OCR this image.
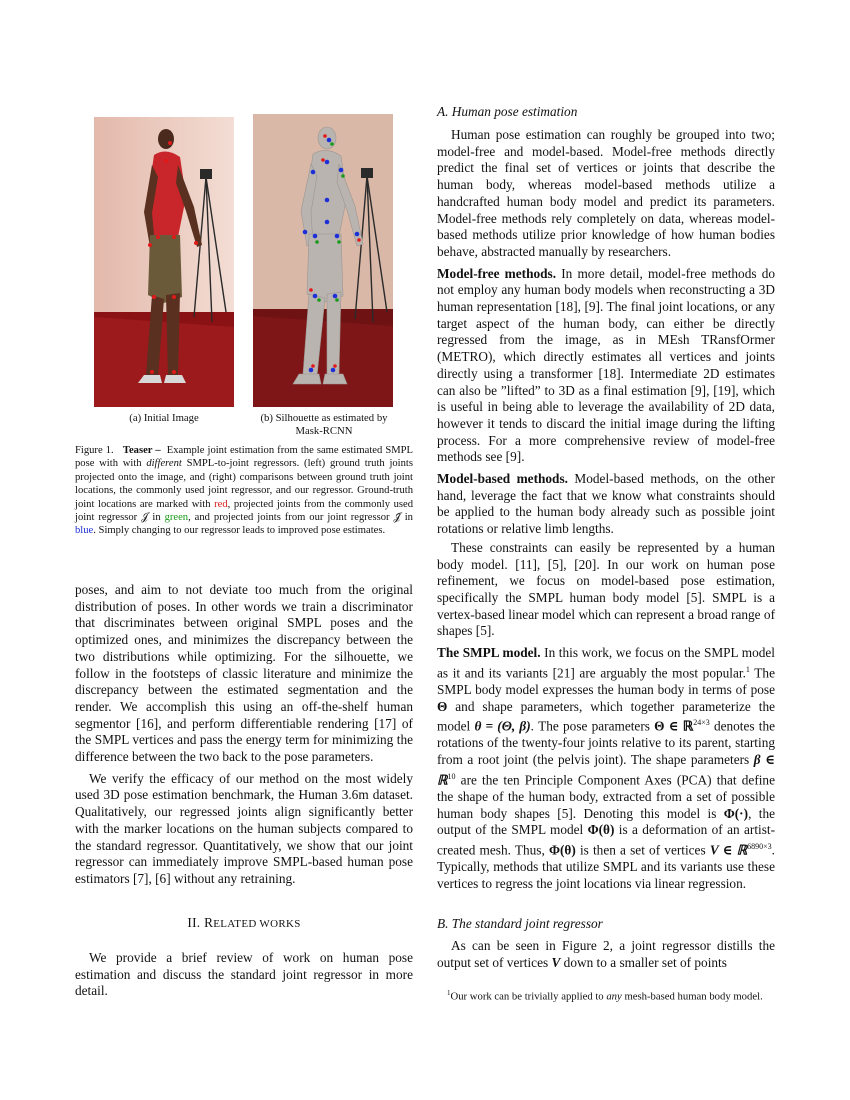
(a) Initial Image	(b) Silhouette as estimated by Mask-RCNN
Figure 1. Teaser – Example joint estimation from the same estimated SMPL pose with with different SMPL-to-joint regressors. (left) ground truth joints projected onto the image, and (right) comparisons between ground truth joint locations, the commonly used joint regressor, and our regressor. Ground-truth joint locations are marked with red, projected joints from the commonly used joint regressor 𝒥 in green, and projected joints from our joint regressor 𝒥̂ in blue. Simply changing to our regressor leads to improved pose estimates.

poses, and aim to not deviate too much from the original distribution of poses. In other words we train a discriminator that discriminates between original SMPL poses and the optimized ones, and minimizes the discrepancy between the two distributions while optimizing. For the silhouette, we follow in the footsteps of classic literature and minimize the discrepancy between the estimated segmentation and the render. We accomplish this using an off-the-shelf human segmentor [16], and perform differentiable rendering [17] of the SMPL vertices and pass the energy term for minimizing the difference between the two back to the pose parameters.

We verify the efficacy of our method on the most widely used 3D pose estimation benchmark, the Human 3.6m dataset. Qualitatively, our regressed joints align significantly better with the marker locations on the human subjects compared to the standard regressor. Quantitatively, we show that our joint regressor can immediately improve SMPL-based human pose estimators [7], [6] without any retraining.

II. RELATED WORKS

We provide a brief review of work on human pose estimation and discuss the standard joint regressor in more detail.

A. Human pose estimation

Human pose estimation can roughly be grouped into two; model-free and model-based. Model-free methods directly predict the final set of vertices or joints that describe the human body, whereas model-based methods utilize a handcrafted human body model and predict its parameters. Model-free methods rely completely on data, whereas model-based methods utilize prior knowledge of how human bodies behave, abstracted manually by researchers.

Model-free methods. In more detail, model-free methods do not employ any human body models when reconstructing a 3D human representation [18], [9]. The final joint locations, or any target aspect of the human body, can either be directly regressed from the image, as in MEsh TRansfOrmer (METRO), which directly estimates all vertices and joints directly using a transformer [18]. Intermediate 2D estimates can also be ”lifted” to 3D as a final estimation [9], [19], which is useful in being able to leverage the availability of 2D data, however it tends to discard the initial image during the lifting process. For a more comprehensive review of model-free methods see [9].

Model-based methods. Model-based methods, on the other hand, leverage the fact that we know what constraints should be applied to the human body already such as possible joint rotations or relative limb lengths.

These constraints can easily be represented by a human body model. [11], [5], [20]. In our work on human pose refinement, we focus on model-based pose estimation, specifically the SMPL human body model [5]. SMPL is a vertex-based linear model which can represent a broad range of shapes [5].

The SMPL model. In this work, we focus on the SMPL model as it and its variants [21] are arguably the most popular.$^1$ The SMPL body model expresses the human body in terms of pose Θ and shape parameters, which together parameterize the model θ = (Θ, β). The pose parameters Θ ∈ ℝ$^{24\times 3}$ denotes the rotations of the twenty-four joints relative to its parent, starting from a root joint (the pelvis joint). The shape parameters β ∈ ℝ$^{10}$ are the ten Principle Component Axes (PCA) that define the shape of the human body, extracted from a set of possible human body shapes [5]. Denoting this model is Φ(·), the output of the SMPL model Φ(θ) is a deformation of an artist-created mesh. Thus, Φ(θ) is then a set of vertices V ∈ ℝ$^{6890\times 3}$. Typically, methods that utilize SMPL and its variants use these vertices to regress the joint locations via linear regression.

B. The standard joint regressor

As can be seen in Figure 2, a joint regressor distills the output set of vertices V down to a smaller set of points

$^1$Our work can be trivially applied to any mesh-based human body model.
